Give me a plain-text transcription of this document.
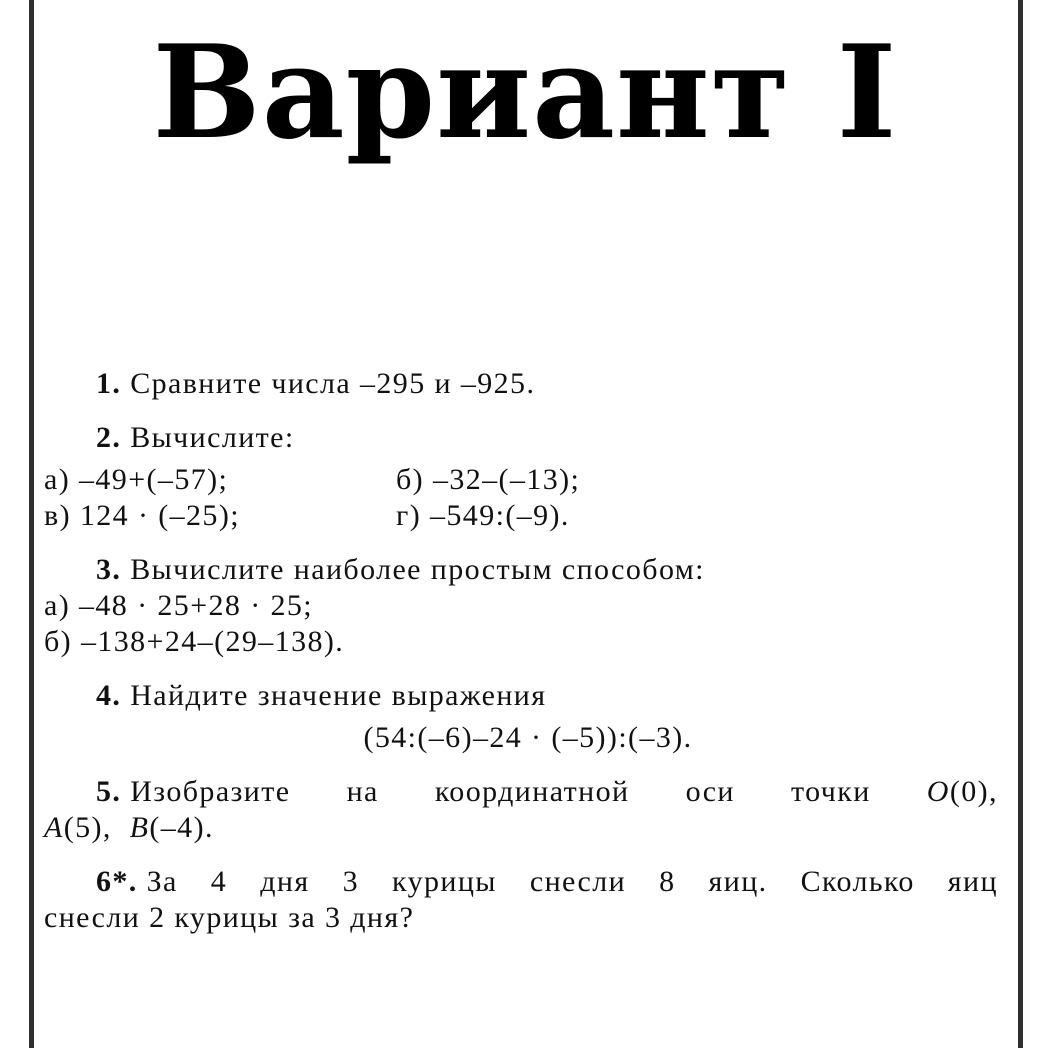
Вариант I
1. Сравните числа –295 и –925.
2. Вычислите:
а) –49+(–57);	б) –32–(–13);
в) 124 · (–25);	г) –549:(–9).
3. Вычислите наиболее простым способом:
а) –48 · 25+28 · 25;
б) –138+24–(29–138).
4. Найдите значение выражения
(54:(–6)–24 · (–5)):(–3).
5. Изобразите на координатной оси точки O(0),
A(5), B(–4).
6*. За 4 дня 3 курицы снесли 8 яиц. Сколько яиц
снесли 2 курицы за 3 дня?
